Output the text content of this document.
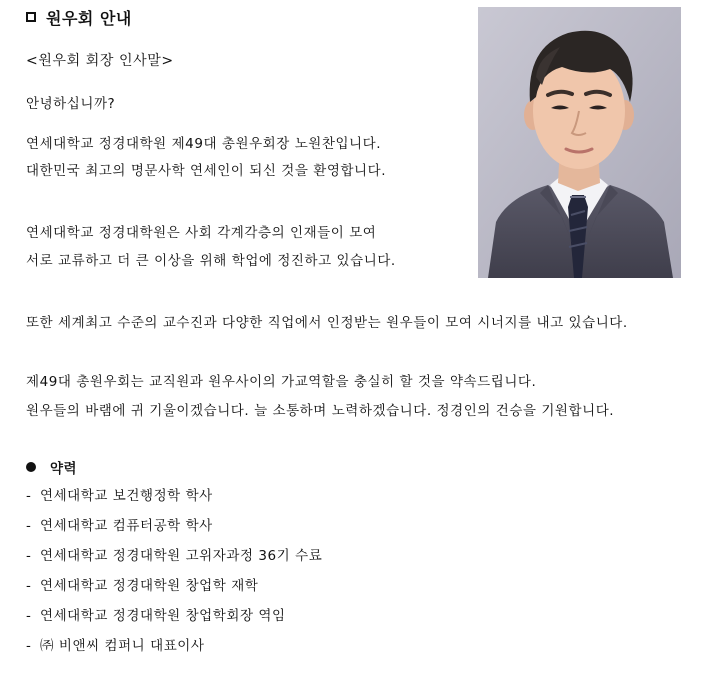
원우회 안내
<원우회 회장 인사말>
안녕하십니까?
연세대학교 정경대학원 제49대 총원우회장 노원찬입니다.
대한민국 최고의 명문사학 연세인이 되신 것을 환영합니다.
연세대학교 정경대학원은 사회 각계각층의 인재들이 모여
서로 교류하고 더 큰 이상을 위해 학업에 정진하고 있습니다.
또한 세계최고 수준의 교수진과 다양한 직업에서 인정받는 원우들이 모여 시너지를 내고 있습니다.
제49대 총원우회는 교직원과 원우사이의 가교역할을 충실히 할 것을 약속드립니다.
원우들의 바램에 귀 기울이겠습니다. 늘 소통하며 노력하겠습니다. 정경인의 건승을 기원합니다.
약력
- 연세대학교 보건행정학 학사
- 연세대학교 컴퓨터공학 학사
- 연세대학교 정경대학원 고위자과정 36기 수료
- 연세대학교 정경대학원 창업학 재학
- 연세대학교 정경대학원 창업학회장 역임
- ㈜ 비앤씨 컴퍼니 대표이사
